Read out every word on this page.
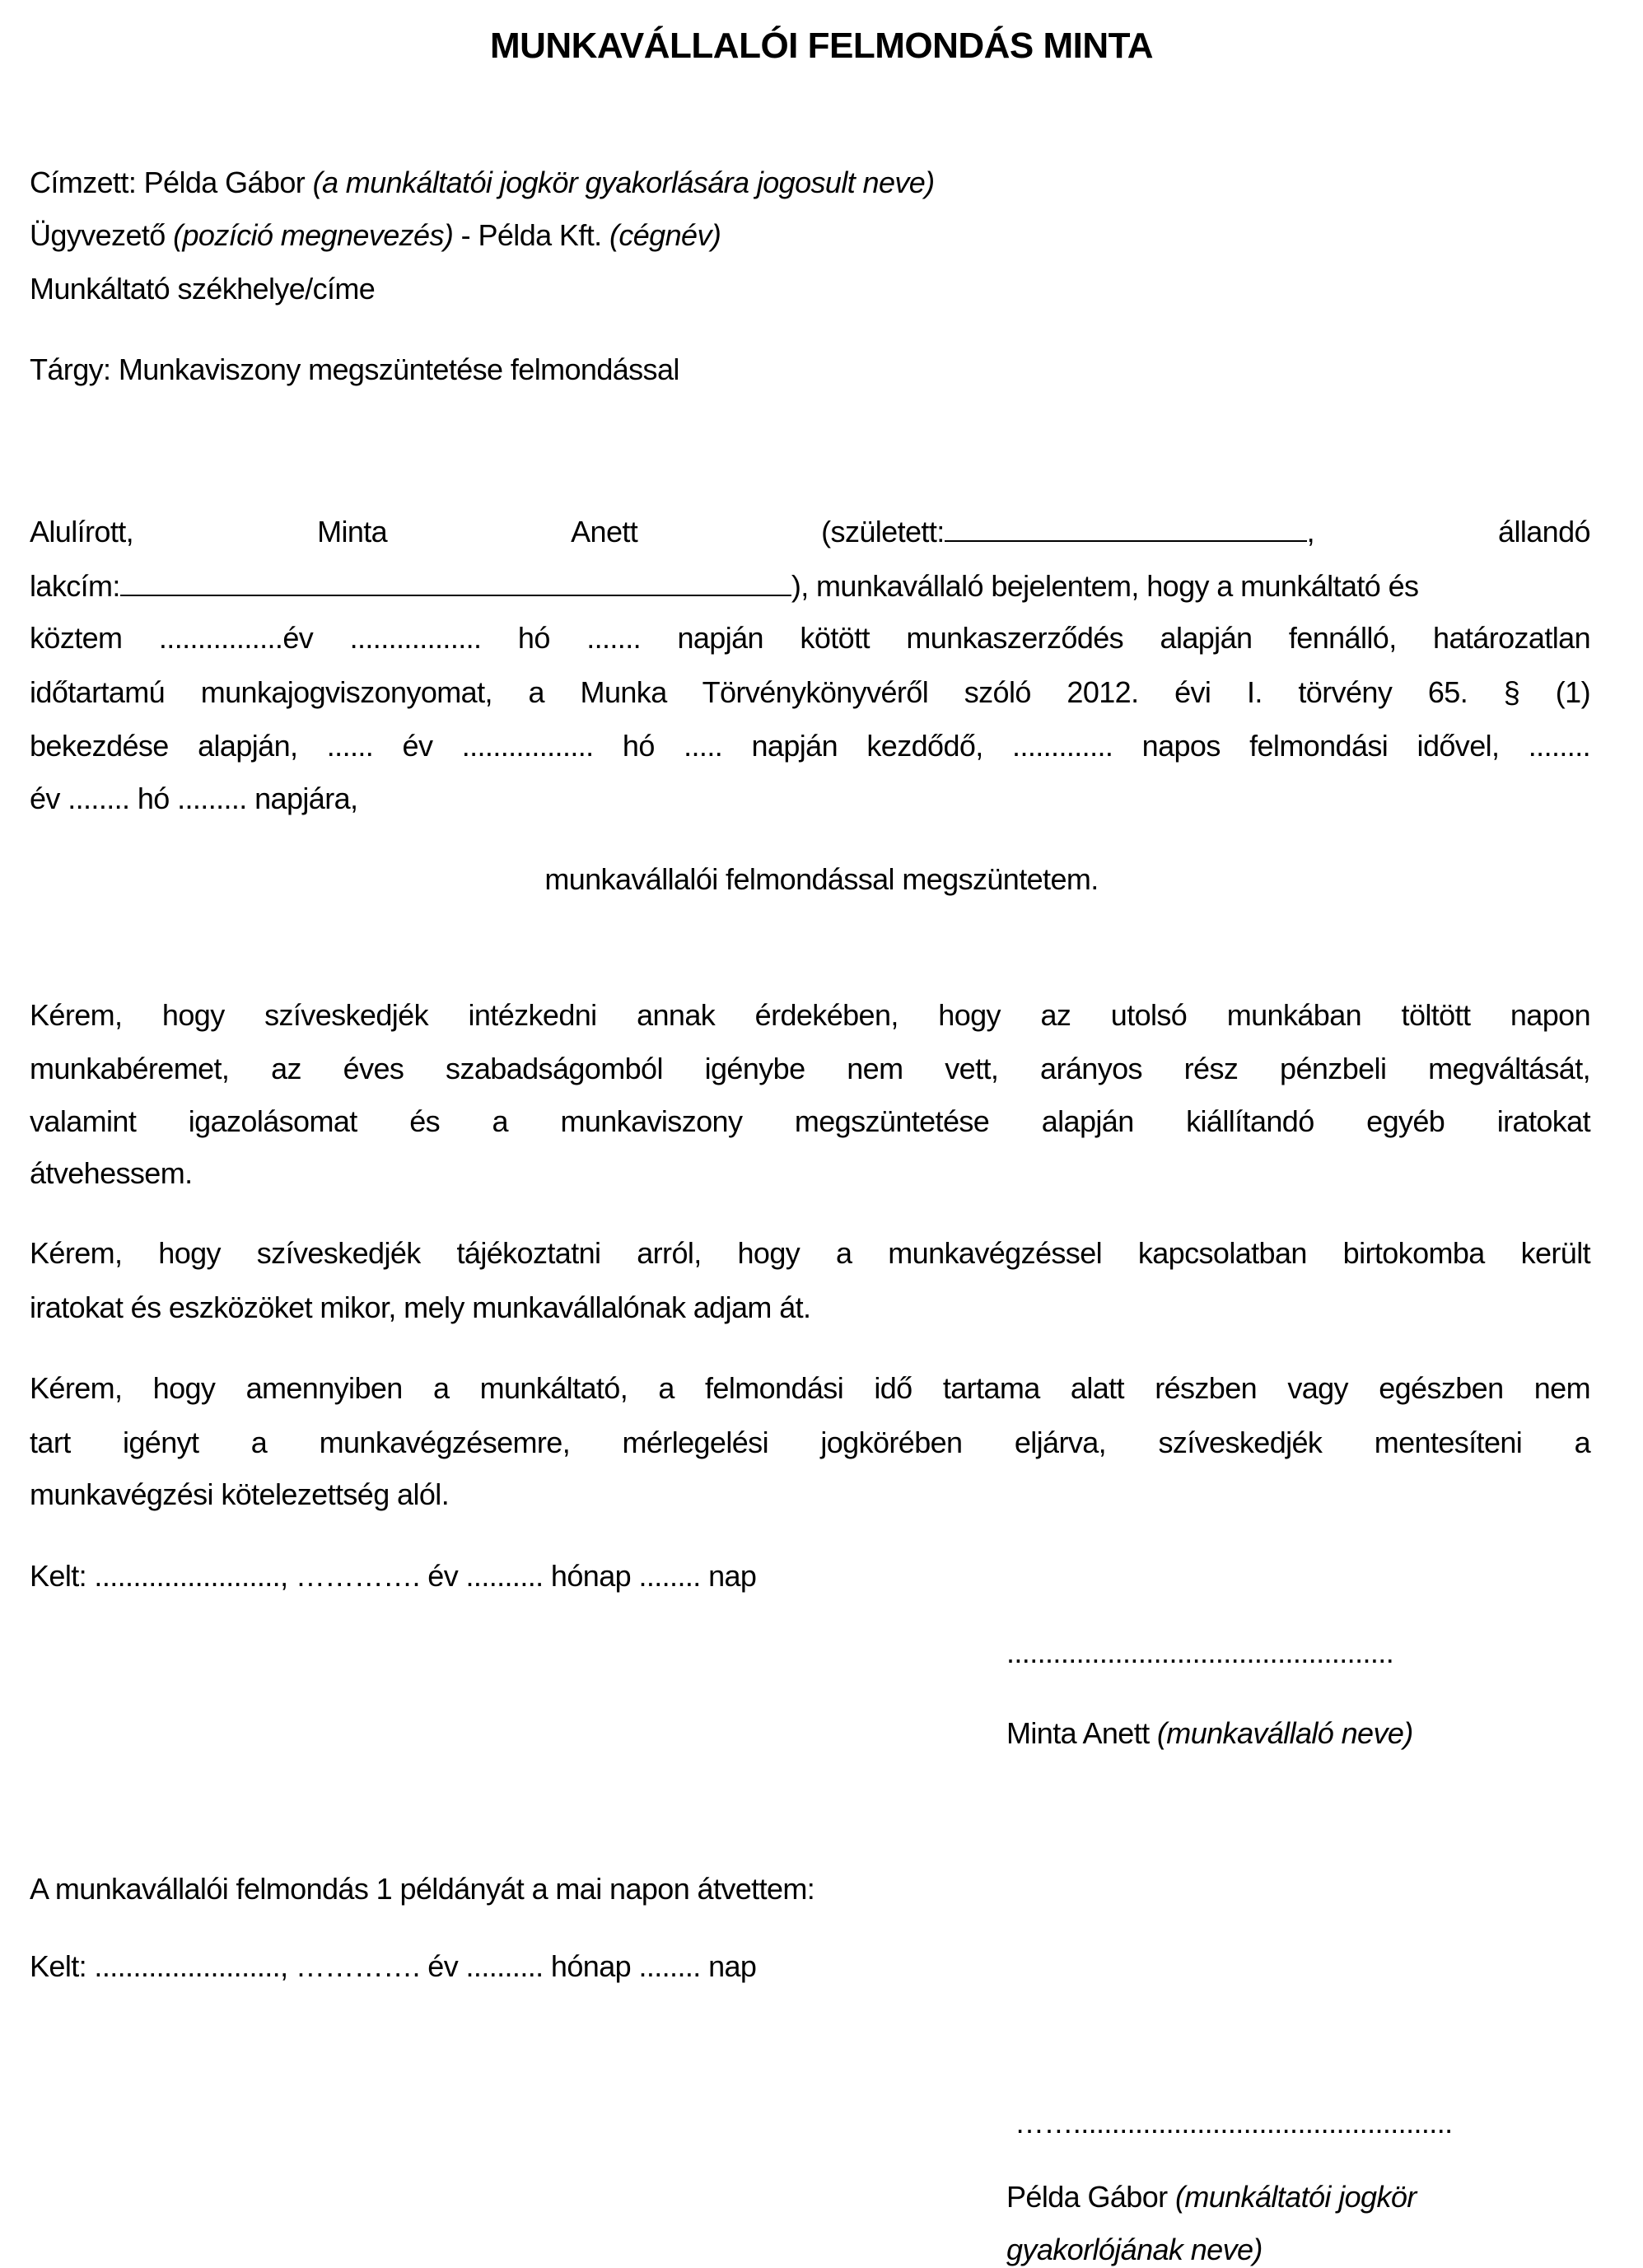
MUNKAVÁLLALÓI FELMONDÁS MINTA
Címzett: Példa Gábor (a munkáltatói jogkör gyakorlására jogosult neve)
Ügyvezető (pozíció megnevezés) - Példa Kft. (cégnév)
Munkáltató székhelye/címe
Tárgy: Munkaviszony megszüntetése felmondással
Alulírott,	Minta	Anett	(született:	,	állandó
lakcím:	), munkavállaló bejelentem, hogy a munkáltató és
köztem ................év ................. hó ....... napján kötött munkaszerződés alapján fennálló, határozatlan
időtartamú munkajogviszonyomat, a Munka Törvénykönyvéről szóló 2012. évi I. törvény 65. § (1)
bekezdése alapján, ...... év ................. hó ..... napján kezdődő, ............. napos felmondási idővel, ........
év ........ hó ......... napjára,
munkavállalói felmondással megszüntetem.
Kérem, hogy szíveskedjék intézkedni annak érdekében, hogy az utolsó munkában töltött napon
munkabéremet, az éves szabadságomból igénybe nem vett, arányos rész pénzbeli megváltását,
valamint igazolásomat és a munkaviszony megszüntetése alapján kiállítandó egyéb iratokat
átvehessem.
Kérem, hogy szíveskedjék tájékoztatni arról, hogy a munkavégzéssel kapcsolatban birtokomba került
iratokat és eszközöket mikor, mely munkavállalónak adjam át.
Kérem, hogy amennyiben a munkáltató, a felmondási idő tartama alatt részben vagy egészben nem
tart igényt a munkavégzésemre, mérlegelési jogkörében eljárva, szíveskedjék mentesíteni a
munkavégzési kötelezettség alól.
Kelt: ........................, …………. év .......... hónap ........ nap
..................................................
Minta Anett (munkavállaló neve)
A munkavállalói felmondás 1 példányát a mai napon átvettem:
Kelt: ........................, …………. év .......... hónap ........ nap
…….................................................
Példa Gábor (munkáltatói jogkör
gyakorlójának neve)
